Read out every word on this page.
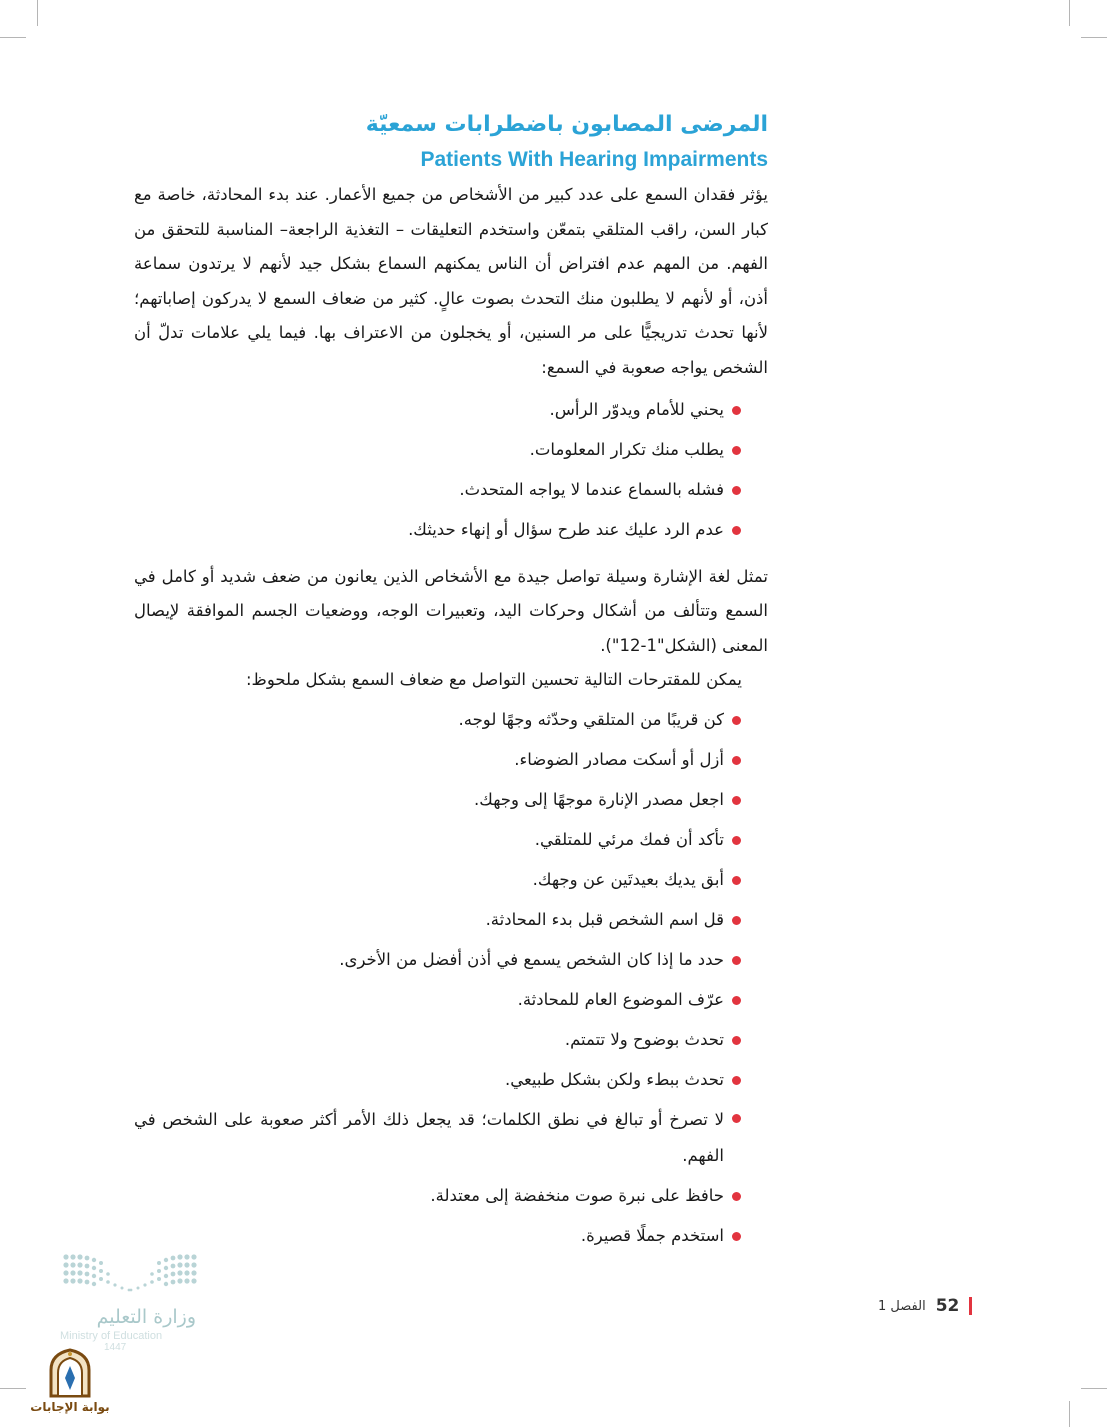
المرضى المصابون باضطرابات سمعيّة
Patients With Hearing Impairments

يؤثر فقدان السمع على عدد كبير من الأشخاص من جميع الأعمار. عند بدء المحادثة، خاصة مع كبار السن، راقب المتلقي بتمعّن واستخدم التعليقات – التغذية الراجعة– المناسبة للتحقق من الفهم. من المهم عدم افتراض أن الناس يمكنهم السماع بشكل جيد لأنهم لا يرتدون سماعة أذن، أو لأنهم لا يطلبون منك التحدث بصوت عالٍ. كثير من ضعاف السمع لا يدركون إصاباتهم؛ لأنها تحدث تدريجيًّا على مر السنين، أو يخجلون من الاعتراف بها. فيما يلي علامات تدلّ أن الشخص يواجه صعوبة في السمع:

يحني للأمام ويدوّر الرأس.
يطلب منك تكرار المعلومات.
فشله بالسماع عندما لا يواجه المتحدث.
عدم الرد عليك عند طرح سؤال أو إنهاء حديثك.

تمثل لغة الإشارة وسيلة تواصل جيدة مع الأشخاص الذين يعانون من ضعف شديد أو كامل في السمع وتتألف من أشكال وحركات اليد، وتعبيرات الوجه، ووضعيات الجسم الموافقة لإيصال المعنى (الشكل"1-12").

يمكن للمقترحات التالية تحسين التواصل مع ضعاف السمع بشكل ملحوظ:

كن قريبًا من المتلقي وحدّثه وجهًا لوجه.
أزل أو أسكت مصادر الضوضاء.
اجعل مصدر الإنارة موجهًا إلى وجهك.
تأكد أن فمك مرئي للمتلقي.
أبق يديك بعيدتَين عن وجهك.
قل اسم الشخص قبل بدء المحادثة.
حدد ما إذا كان الشخص يسمع في أذن أفضل من الأخرى.
عرّف الموضوع العام للمحادثة.
تحدث بوضوح ولا تتمتم.
تحدث ببطء ولكن بشكل طبيعي.
لا تصرخ أو تبالغ في نطق الكلمات؛ قد يجعل ذلك الأمر أكثر صعوبة على الشخص في الفهم.
حافظ على نبرة صوت منخفضة إلى معتدلة.
استخدم جملًا قصيرة.
وزارة التعليم
Ministry of Education
1447
بوابة الإجابات
52
الفصل 1
